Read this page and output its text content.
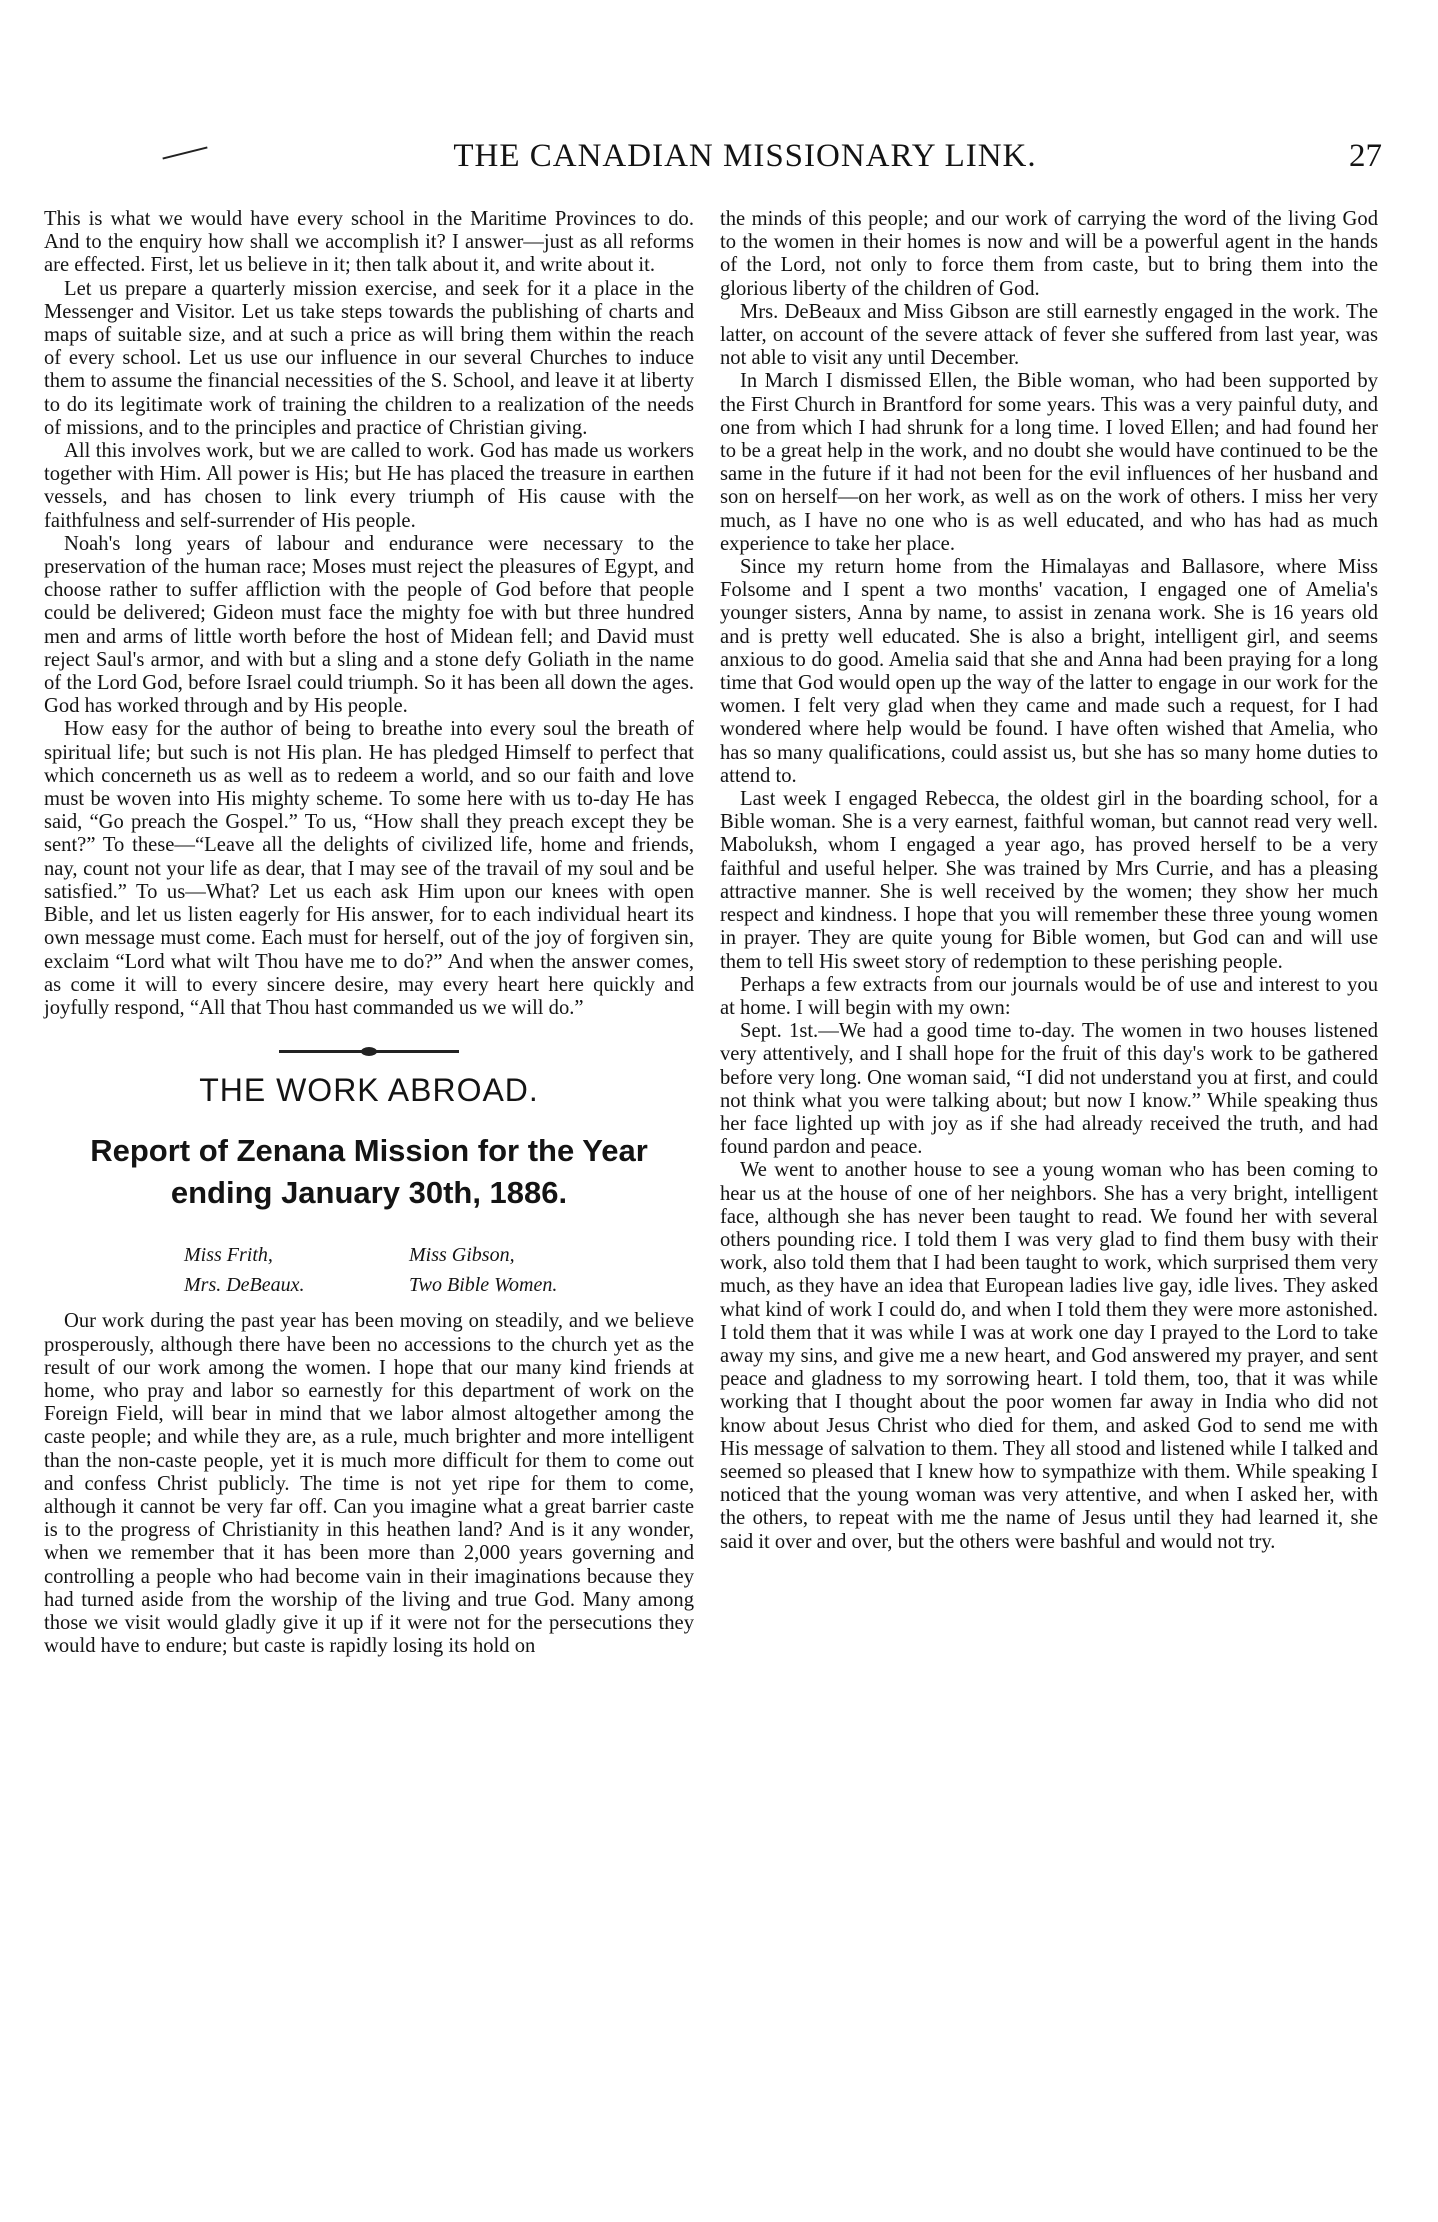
THE CANADIAN MISSIONARY LINK.	27

This is what we would have every school in the Maritime Provinces to do. And to the enquiry how shall we accomplish it? I answer—just as all reforms are effected. First, let us believe in it; then talk about it, and write about it.

Let us prepare a quarterly mission exercise, and seek for it a place in the Messenger and Visitor. Let us take steps towards the publishing of charts and maps of suitable size, and at such a price as will bring them within the reach of every school. Let us use our influence in our several Churches to induce them to assume the financial necessities of the S. School, and leave it at liberty to do its legitimate work of training the children to a realization of the needs of missions, and to the principles and practice of Christian giving.

All this involves work, but we are called to work. God has made us workers together with Him. All power is His; but He has placed the treasure in earthen vessels, and has chosen to link every triumph of His cause with the faithfulness and self-surrender of His people.

Noah's long years of labour and endurance were necessary to the preservation of the human race; Moses must reject the pleasures of Egypt, and choose rather to suffer affliction with the people of God before that people could be delivered; Gideon must face the mighty foe with but three hundred men and arms of little worth before the host of Midean fell; and David must reject Saul's armor, and with but a sling and a stone defy Goliath in the name of the Lord God, before Israel could triumph. So it has been all down the ages. God has worked through and by His people.

How easy for the author of being to breathe into every soul the breath of spiritual life; but such is not His plan. He has pledged Himself to perfect that which concerneth us as well as to redeem a world, and so our faith and love must be woven into His mighty scheme. To some here with us to-day He has said, “Go preach the Gospel.” To us, “How shall they preach except they be sent?” To these—“Leave all the delights of civilized life, home and friends, nay, count not your life as dear, that I may see of the travail of my soul and be satisfied.” To us—What? Let us each ask Him upon our knees with open Bible, and let us listen eagerly for His answer, for to each individual heart its own message must come. Each must for herself, out of the joy of forgiven sin, exclaim “Lord what wilt Thou have me to do?” And when the answer comes, as come it will to every sincere desire, may every heart here quickly and joyfully respond, “All that Thou hast commanded us we will do.”

THE WORK ABROAD.
Report of Zenana Mission for the Year ending January 30th, 1886.
Miss Frith,	Miss Gibson,
Mrs. DeBeaux.	Two Bible Women.

Our work during the past year has been moving on steadily, and we believe prosperously, although there have been no accessions to the church yet as the result of our work among the women. I hope that our many kind friends at home, who pray and labor so earnestly for this department of work on the Foreign Field, will bear in mind that we labor almost altogether among the caste people; and while they are, as a rule, much brighter and more intelligent than the non-caste people, yet it is much more difficult for them to come out and confess Christ publicly. The time is not yet ripe for them to come, although it cannot be very far off. Can you imagine what a great barrier caste is to the progress of Christianity in this heathen land? And is it any wonder, when we remember that it has been more than 2,000 years governing and controlling a people who had become vain in their imaginations because they had turned aside from the worship of the living and true God. Many among those we visit would gladly give it up if it were not for the persecutions they would have to endure; but caste is rapidly losing its hold on

the minds of this people; and our work of carrying the word of the living God to the women in their homes is now and will be a powerful agent in the hands of the Lord, not only to force them from caste, but to bring them into the glorious liberty of the children of God.

Mrs. DeBeaux and Miss Gibson are still earnestly engaged in the work. The latter, on account of the severe attack of fever she suffered from last year, was not able to visit any until December.

In March I dismissed Ellen, the Bible woman, who had been supported by the First Church in Brantford for some years. This was a very painful duty, and one from which I had shrunk for a long time. I loved Ellen; and had found her to be a great help in the work, and no doubt she would have continued to be the same in the future if it had not been for the evil influences of her husband and son on herself—on her work, as well as on the work of others. I miss her very much, as I have no one who is as well educated, and who has had as much experience to take her place.

Since my return home from the Himalayas and Ballasore, where Miss Folsome and I spent a two months' vacation, I engaged one of Amelia's younger sisters, Anna by name, to assist in zenana work. She is 16 years old and is pretty well educated. She is also a bright, intelligent girl, and seems anxious to do good. Amelia said that she and Anna had been praying for a long time that God would open up the way of the latter to engage in our work for the women. I felt very glad when they came and made such a request, for I had wondered where help would be found. I have often wished that Amelia, who has so many qualifications, could assist us, but she has so many home duties to attend to.

Last week I engaged Rebecca, the oldest girl in the boarding school, for a Bible woman. She is a very earnest, faithful woman, but cannot read very well. Maboluksh, whom I engaged a year ago, has proved herself to be a very faithful and useful helper. She was trained by Mrs Currie, and has a pleasing attractive manner. She is well received by the women; they show her much respect and kindness. I hope that you will remember these three young women in prayer. They are quite young for Bible women, but God can and will use them to tell His sweet story of redemption to these perishing people.

Perhaps a few extracts from our journals would be of use and interest to you at home. I will begin with my own:

Sept. 1st.—We had a good time to-day. The women in two houses listened very attentively, and I shall hope for the fruit of this day's work to be gathered before very long. One woman said, “I did not understand you at first, and could not think what you were talking about; but now I know.” While speaking thus her face lighted up with joy as if she had already received the truth, and had found pardon and peace.

We went to another house to see a young woman who has been coming to hear us at the house of one of her neighbors. She has a very bright, intelligent face, although she has never been taught to read. We found her with several others pounding rice. I told them I was very glad to find them busy with their work, also told them that I had been taught to work, which surprised them very much, as they have an idea that European ladies live gay, idle lives. They asked what kind of work I could do, and when I told them they were more astonished. I told them that it was while I was at work one day I prayed to the Lord to take away my sins, and give me a new heart, and God answered my prayer, and sent peace and gladness to my sorrowing heart. I told them, too, that it was while working that I thought about the poor women far away in India who did not know about Jesus Christ who died for them, and asked God to send me with His message of salvation to them. They all stood and listened while I talked and seemed so pleased that I knew how to sympathize with them. While speaking I noticed that the young woman was very attentive, and when I asked her, with the others, to repeat with me the name of Jesus until they had learned it, she said it over and over, but the others were bashful and would not try.
